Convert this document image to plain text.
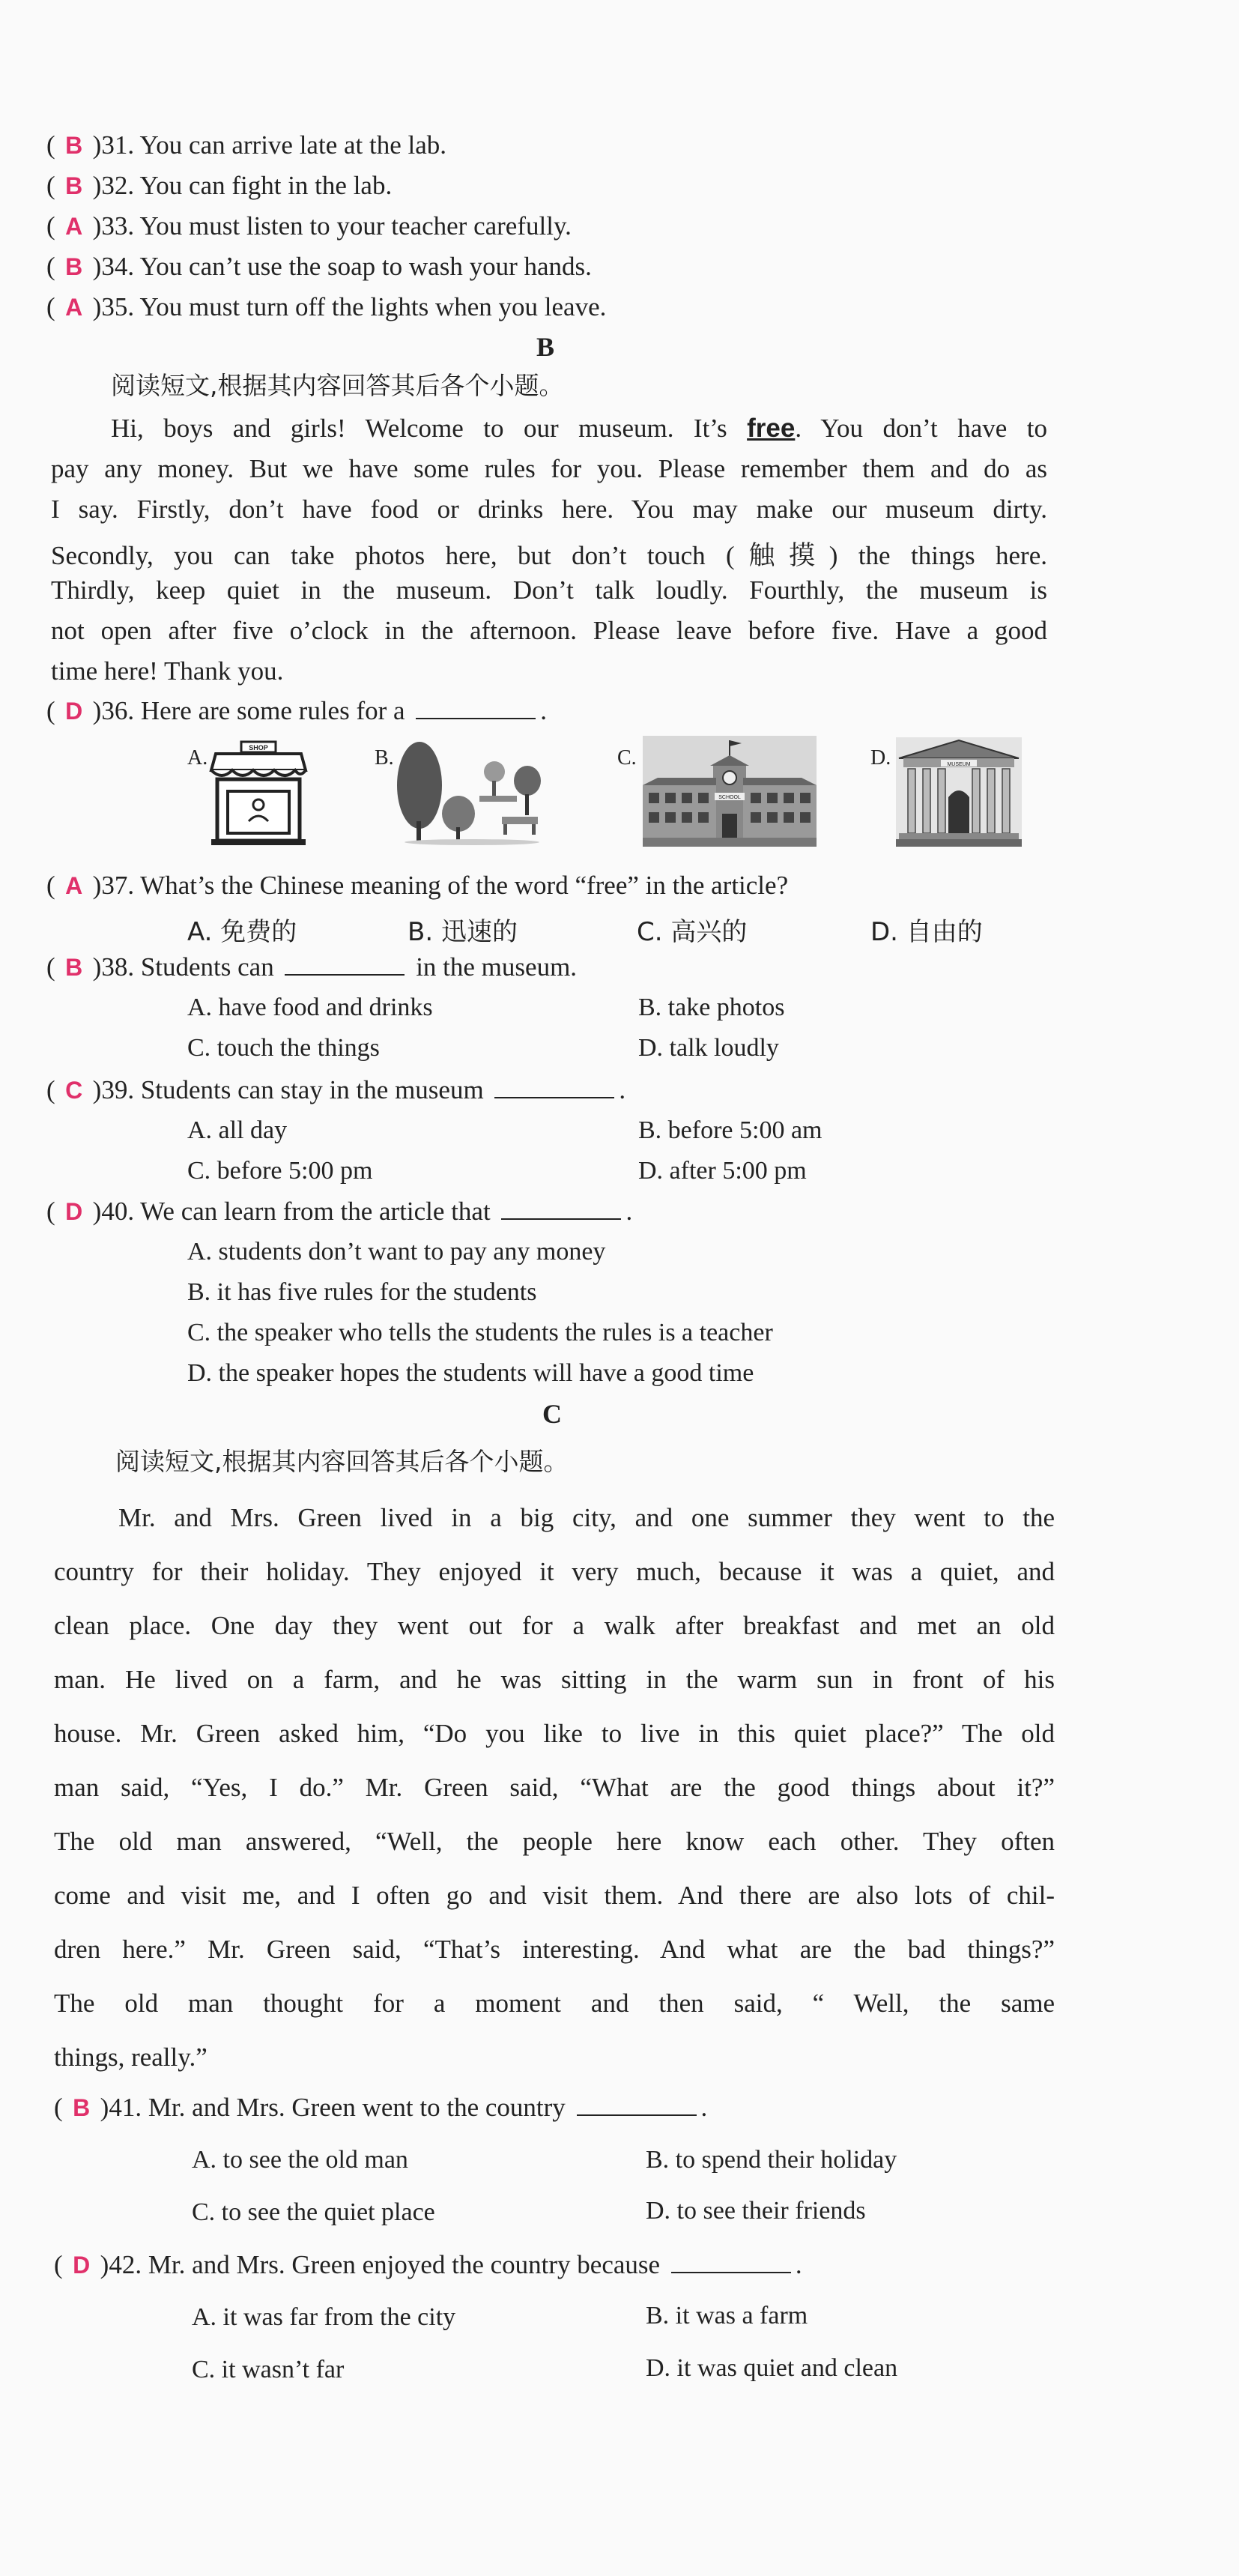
( B )31. You can arrive late at the lab.
( B )32. You can fight in the lab.
( A )33. You must listen to your teacher carefully.
( B )34. You can’t use the soap to wash your hands.
( A )35. You must turn off the lights when you leave.
B
阅读短文,根据其内容回答其后各个小题。
Hi, boys and girls! Welcome to our museum. It’s free. You don’t have to
pay any money. But we have some rules for you. Please remember them and do as
I say. Firstly, don’t have food or drinks here. You may make our museum dirty.
Secondly, you can take photos here, but don’t touch (触摸) the things here.
Thirdly, keep quiet in the museum. Don’t talk loudly. Fourthly, the museum is
not open after five o’clock in the afternoon. Please leave before five. Have a good
time here! Thank you.
( D )36. Here are some rules for a	.
A.	B.	C.	D.
SHOP
SCHOOL
MUSEUM
( A )37. What’s the Chinese meaning of the word “free” in the article?
A. 免费的	B. 迅速的	C. 高兴的	D. 自由的
( B )38. Students can	in the museum.
A. have food and drinks	B. take photos
C. touch the things	D. talk loudly
( C )39. Students can stay in the museum	.
A. all day	B. before 5:00 am
C. before 5:00 pm	D. after 5:00 pm
( D )40. We can learn from the article that	.
A. students don’t want to pay any money
B. it has five rules for the students
C. the speaker who tells the students the rules is a teacher
D. the speaker hopes the students will have a good time
C
阅读短文,根据其内容回答其后各个小题。
Mr. and Mrs. Green lived in a big city, and one summer they went to the
country for their holiday. They enjoyed it very much, because it was a quiet, and
clean place. One day they went out for a walk after breakfast and met an old
man. He lived on a farm, and he was sitting in the warm sun in front of his
house. Mr. Green asked him, “Do you like to live in this quiet place?” The old
man said, “Yes, I do.” Mr. Green said, “What are the good things about it?”
The old man answered, “Well, the people here know each other. They often
come and visit me, and I often go and visit them. And there are also lots of chil-
dren here.” Mr. Green said, “That’s interesting. And what are the bad things?”
The old man thought for a moment and then said, “ Well, the same
things, really.”
( B )41. Mr. and Mrs. Green went to the country	.
A. to see the old man	B. to spend their holiday
C. to see the quiet place	D. to see their friends
( D )42. Mr. and Mrs. Green enjoyed the country because	.
A. it was far from the city	B. it was a farm
C. it wasn’t far	D. it was quiet and clean
